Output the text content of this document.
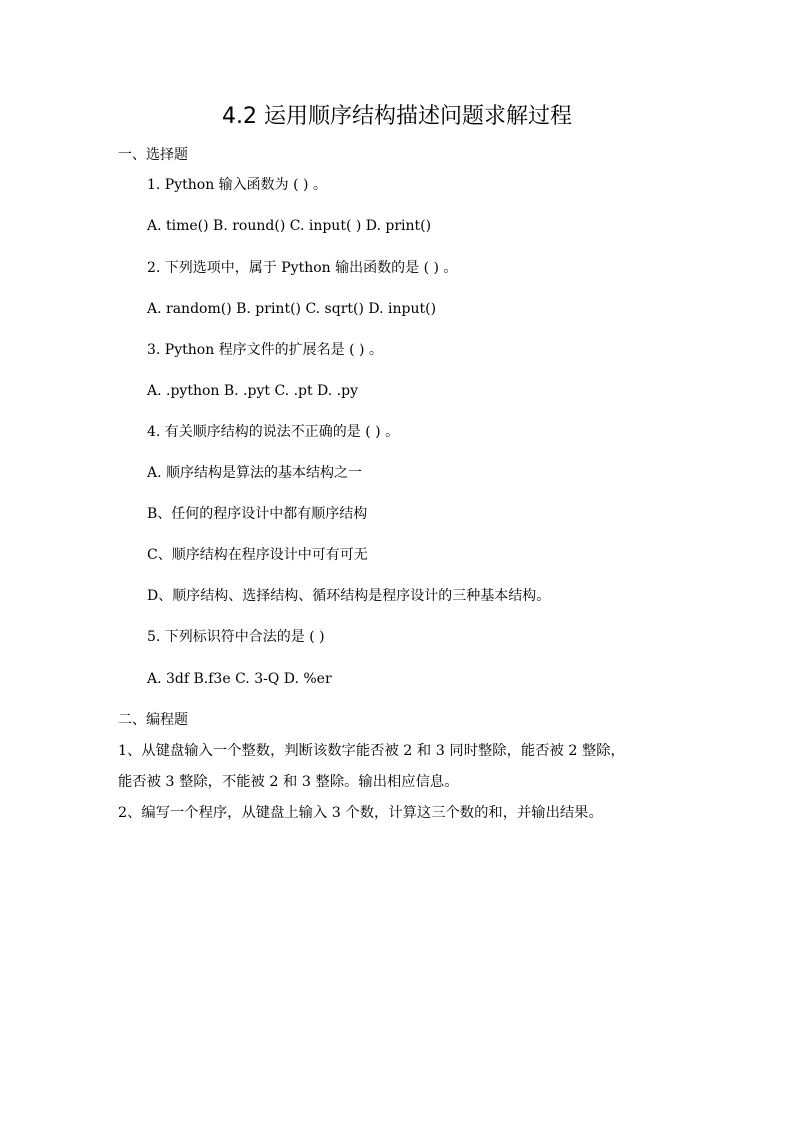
4.2 运用顺序结构描述问题求解过程
一、选择题
1. Python 输入函数为 ( ) 。
A. time() B. round() C. input( ) D. print()
2. 下列选项中，属于 Python 输出函数的是 ( ) 。
A. random() B. print() C. sqrt() D. input()
3. Python 程序文件的扩展名是 ( ) 。
A. .python B. .pyt C. .pt D. .py
4. 有关顺序结构的说法不正确的是 ( ) 。
A. 顺序结构是算法的基本结构之一
B、任何的程序设计中都有顺序结构
C、顺序结构在程序设计中可有可无
D、顺序结构、选择结构、循环结构是程序设计的三种基本结构。
5. 下列标识符中合法的是 ( )
A. 3df B.f3e C. 3-Q D. %er
二、编程题
1、从键盘输入一个整数，判断该数字能否被 2 和 3 同时整除，能否被 2 整除，
能否被 3 整除，不能被 2 和 3 整除。输出相应信息。
2、编写一个程序，从键盘上输入 3 个数，计算这三个数的和，并输出结果。
